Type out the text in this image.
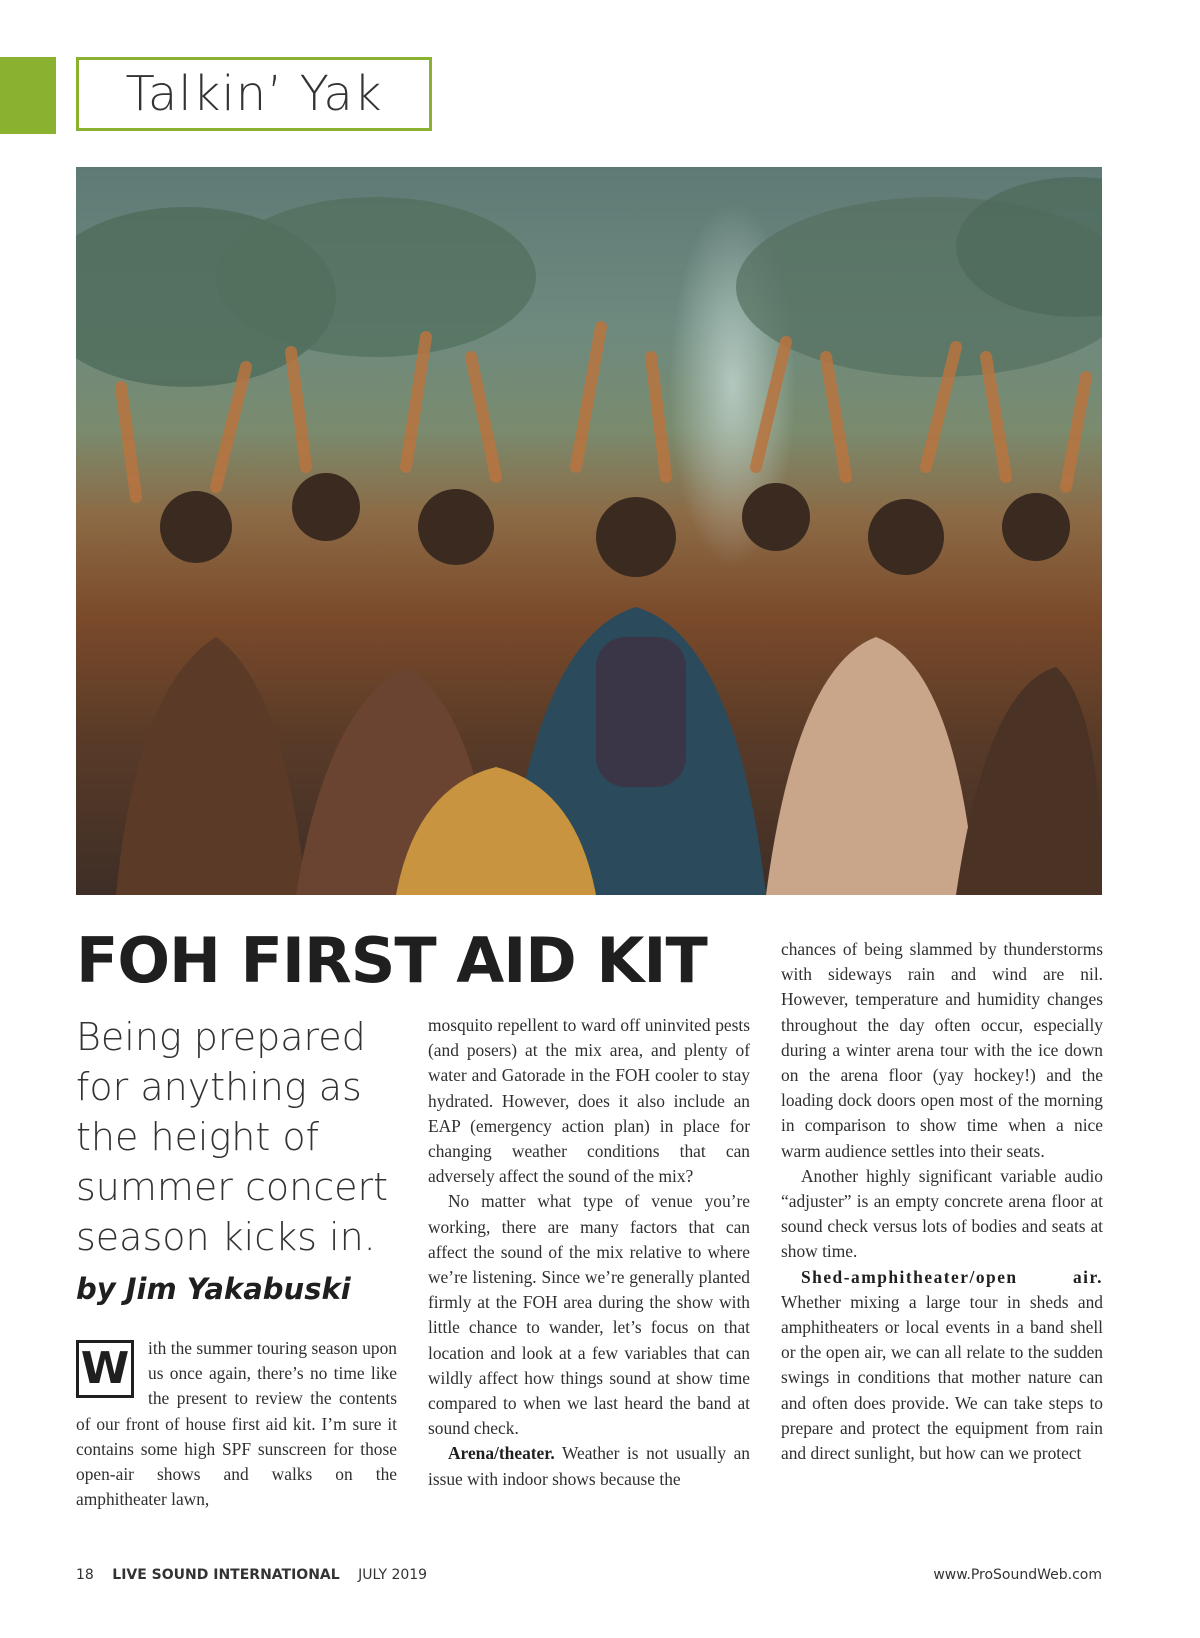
Talkin’ Yak
FOH FIRST AID KIT
Being prepared for anything as the height of summer concert season kicks in.
by Jim Yakabuski
W	ith the summer touring season upon us once again, there’s no time like the present to review the contents of our front of house first aid kit. I’m sure it contains some high SPF sunscreen for those open-air shows and walks on the amphitheater lawn,

mosquito repellent to ward off uninvited pests (and posers) at the mix area, and plenty of water and Gatorade in the FOH cooler to stay hydrated. However, does it also include an EAP (emergency action plan) in place for changing weather conditions that can adversely affect the sound of the mix?

No matter what type of venue you’re working, there are many factors that can affect the sound of the mix relative to where we’re listening. Since we’re generally planted firmly at the FOH area during the show with little chance to wander, let’s focus on that location and look at a few variables that can wildly affect how things sound at show time compared to when we last heard the band at sound check.

Arena/theater. Weather is not usually an issue with indoor shows because the

chances of being slammed by thunderstorms with sideways rain and wind are nil. However, temperature and humidity changes throughout the day often occur, especially during a winter arena tour with the ice down on the arena floor (yay hockey!) and the loading dock doors open most of the morning in comparison to show time when a nice warm audience settles into their seats.

Another highly significant variable audio “adjuster” is an empty concrete arena floor at sound check versus lots of bodies and seats at show time.

Shed-amphitheater/open air. Whether mixing a large tour in sheds and amphitheaters or local events in a band shell or the open air, we can all relate to the sudden swings in conditions that mother nature can and often does provide. We can take steps to prepare and protect the equipment from rain and direct sunlight, but how can we protect

18 LIVE SOUND INTERNATIONAL JULY 2019	www.ProSoundWeb.com
